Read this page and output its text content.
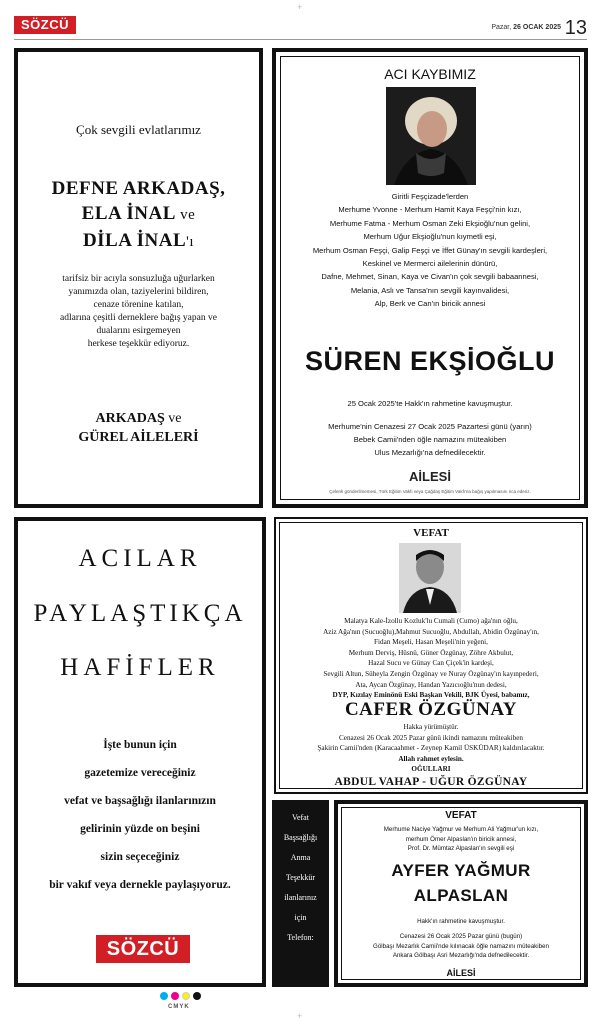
SÖZCÜ	Pazar, 26 OCAK 2025 13
+
+
Çok sevgili evlatlarımız
DEFNE ARKADAŞ,
ELA İNAL ve
DİLA İNAL'ı
tarifsiz bir acıyla sonsuzluğa uğurlarken
yanımızda olan, taziyelerini bildiren,
cenaze törenine katılan,
adlarına çeşitli derneklere bağış yapan ve
dualarını esirgemeyen
herkese teşekkür ediyoruz.
ARKADAŞ ve
GÜREL AİLELERİ
ACI KAYBIMIZ
Giritli Feşçizade'lerden
Merhume Yvonne - Merhum Hamit Kaya Feşçi'nin kızı,
Merhume Fatma - Merhum Osman Zeki Ekşioğlu'nun gelini,
Merhum Uğur Ekşioğlu'nun kıymetli eşi,
Merhum Osman Feşçi, Galip Feşçi ve İffet Günay'ın sevgili kardeşleri,
Keskinel ve Mermerci ailelerinin dünürü,
Dafne, Mehmet, Sinan, Kaya ve Civan'ın çok sevgili babaannesi,
Melania, Aslı ve Tansa'nın sevgili kayınvalidesi,
Alp, Berk ve Can'ın biricik annesi
SÜREN EKŞİOĞLU
25 Ocak 2025'te Hakk'ın rahmetine kavuşmuştur.
Merhume'nin Cenazesi 27 Ocak 2025 Pazartesi günü (yarın)
Bebek Camii'nden öğle namazını müteakiben
Ulus Mezarlığı'na defnedilecektir.
AİLESİ
Çelenk gönderilmemesi, Türk Eğitim Vakfı veya Çağdaş Eğitim Vakfı'na bağış yapılmasını rica ederiz.
ACILAR
PAYLAŞTIKÇA
HAFİFLER
İşte bunun için
gazetemize vereceğiniz
vefat ve başsağlığı ilanlarınızın
gelirinin yüzde on beşini
sizin seçeceğiniz
bir vakıf veya dernekle paylaşıyoruz.
SÖZCÜ
VEFAT
Malatya Kale-İzollu Kozluk'lu Cumali (Cumo) ağa'nın oğlu,
Aziz Ağa'nın (Sucuoğlu),Mahmut Sucuoğlu, Abdullah, Abidin Özgünay'ın,
Fidan Meşeli, Hasan Meşeli'nin yeğeni,
Merhum Derviş, Hüsnü, Güner Özgünay, Zöhre Akbulut,
Hazal Sucu ve Günay Can Çiçek'in kardeşi,
Sevgili Altun, Süheyla Zengin Özgünay ve Nuray Özgünay'ın kayınpederi,
Ata, Aycan Özgünay, Handan Yazıcıoğlu'nun dedesi,
DYP, Kızılay Eminönü Eski Başkan Vekili, BJK Üyesi, babamız,
CAFER ÖZGÜNAY
Hakka yürümüştür.
Cenazesi 26 Ocak 2025 Pazar günü ikindi namazını müteakiben
Şakirin Camii'nden (Karacaahmet - Zeynep Kamil ÜSKÜDAR) kaldırılacaktır.
Allah rahmet eylesin.
OĞULLARI
ABDUL VAHAP - UĞUR ÖZGÜNAY
Vefat
Başsağlığı
Anma
Teşekkür
ilanlarınız
için
Telefon:
VEFAT
Merhume Naciye Yağmur ve Merhum Ali Yağmur'un kızı,
merhum Ömer Alpaslan'ın biricik annesi,
Prof. Dr. Mümtaz Alpaslan'ın sevgili eşi
AYFER YAĞMUR
ALPASLAN
Hakk'ın rahmetine kavuşmuştur.
Cenazesi 26 Ocak 2025 Pazar günü (bugün)
Gölbaşı Mezarlık Camii'nde kılınacak öğle namazını müteakiben
Ankara Gölbaşı Asri Mezarlığı'nda defnedilecektir.
AİLESİ
CMYK
